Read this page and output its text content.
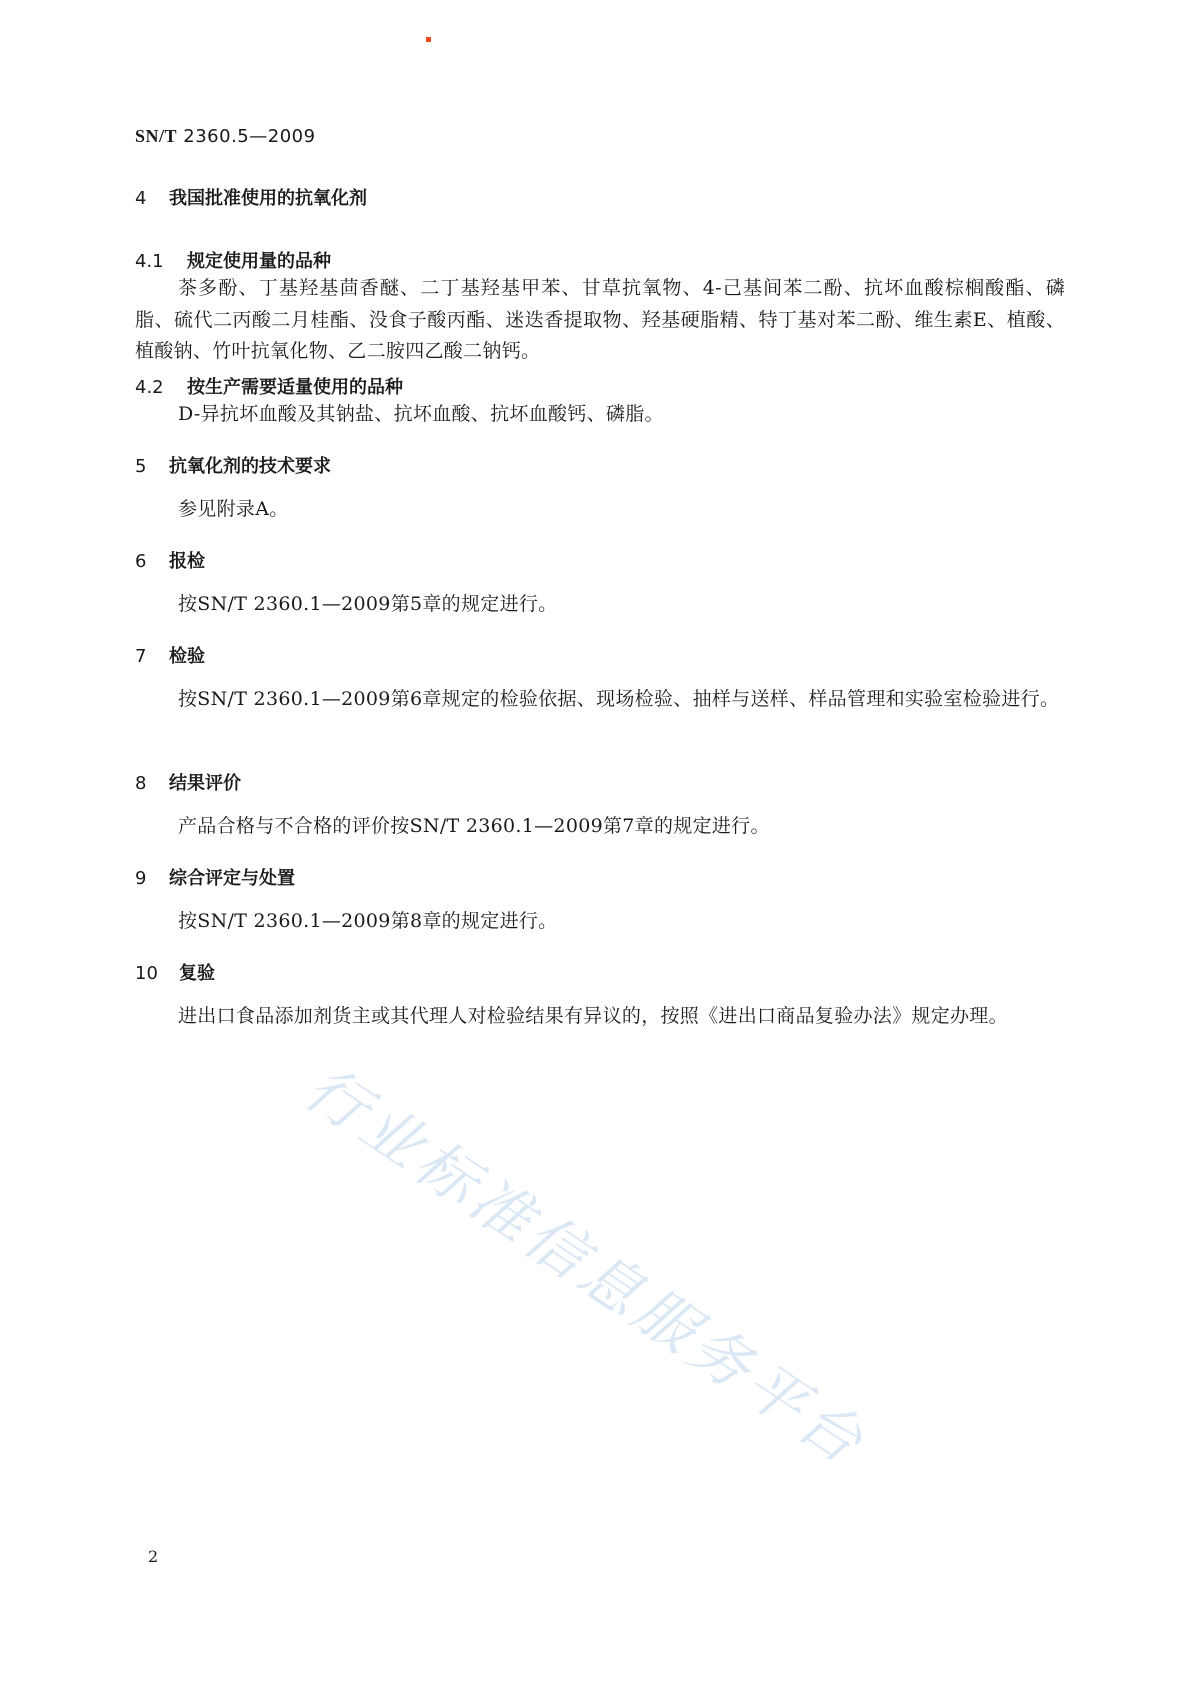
SN/T 2360.5—2009
4 我国批准使用的抗氧化剂
4.1 规定使用量的品种
茶多酚、丁基羟基茴香醚、二丁基羟基甲苯、甘草抗氧物、4-己基间苯二酚、抗坏血酸棕榈酸酯、磷脂、硫代二丙酸二月桂酯、没食子酸丙酯、迷迭香提取物、羟基硬脂精、特丁基对苯二酚、维生素E、植酸、植酸钠、竹叶抗氧化物、乙二胺四乙酸二钠钙。
4.2 按生产需要适量使用的品种
D-异抗坏血酸及其钠盐、抗坏血酸、抗坏血酸钙、磷脂。
5 抗氧化剂的技术要求
参见附录A。
6 报检
按SN/T 2360.1—2009第5章的规定进行。
7 检验
按SN/T 2360.1—2009第6章规定的检验依据、现场检验、抽样与送样、样品管理和实验室检验进行。
8 结果评价
产品合格与不合格的评价按SN/T 2360.1—2009第7章的规定进行。
9 综合评定与处置
按SN/T 2360.1—2009第8章的规定进行。
10 复验
进出口食品添加剂货主或其代理人对检验结果有异议的，按照《进出口商品复验办法》规定办理。
行业标准信息服务平台
2
